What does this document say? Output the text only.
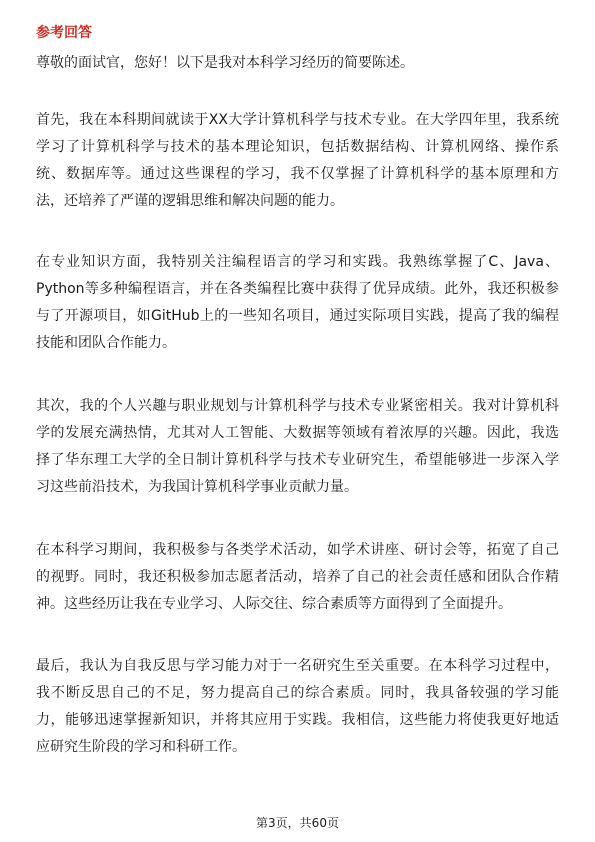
参考回答
尊敬的面试官，您好！以下是我对本科学习经历的简要陈述。
首先，我在本科期间就读于XX大学计算机科学与技术专业。在大学四年里，我系统
学习了计算机科学与技术的基本理论知识，包括数据结构、计算机网络、操作系
统、数据库等。通过这些课程的学习，我不仅掌握了计算机科学的基本原理和方
法，还培养了严谨的逻辑思维和解决问题的能力。
在专业知识方面，我特别关注编程语言的学习和实践。我熟练掌握了C、Java、
Python等多种编程语言，并在各类编程比赛中获得了优异成绩。此外，我还积极参
与了开源项目，如GitHub上的一些知名项目，通过实际项目实践，提高了我的编程
技能和团队合作能力。
其次，我的个人兴趣与职业规划与计算机科学与技术专业紧密相关。我对计算机科
学的发展充满热情，尤其对人工智能、大数据等领域有着浓厚的兴趣。因此，我选
择了华东理工大学的全日制计算机科学与技术专业研究生，希望能够进一步深入学
习这些前沿技术，为我国计算机科学事业贡献力量。
在本科学习期间，我积极参与各类学术活动，如学术讲座、研讨会等，拓宽了自己
的视野。同时，我还积极参加志愿者活动，培养了自己的社会责任感和团队合作精
神。这些经历让我在专业学习、人际交往、综合素质等方面得到了全面提升。
最后，我认为自我反思与学习能力对于一名研究生至关重要。在本科学习过程中，
我不断反思自己的不足，努力提高自己的综合素质。同时，我具备较强的学习能
力，能够迅速掌握新知识，并将其应用于实践。我相信，这些能力将使我更好地适
应研究生阶段的学习和科研工作。
第3页，共60页
